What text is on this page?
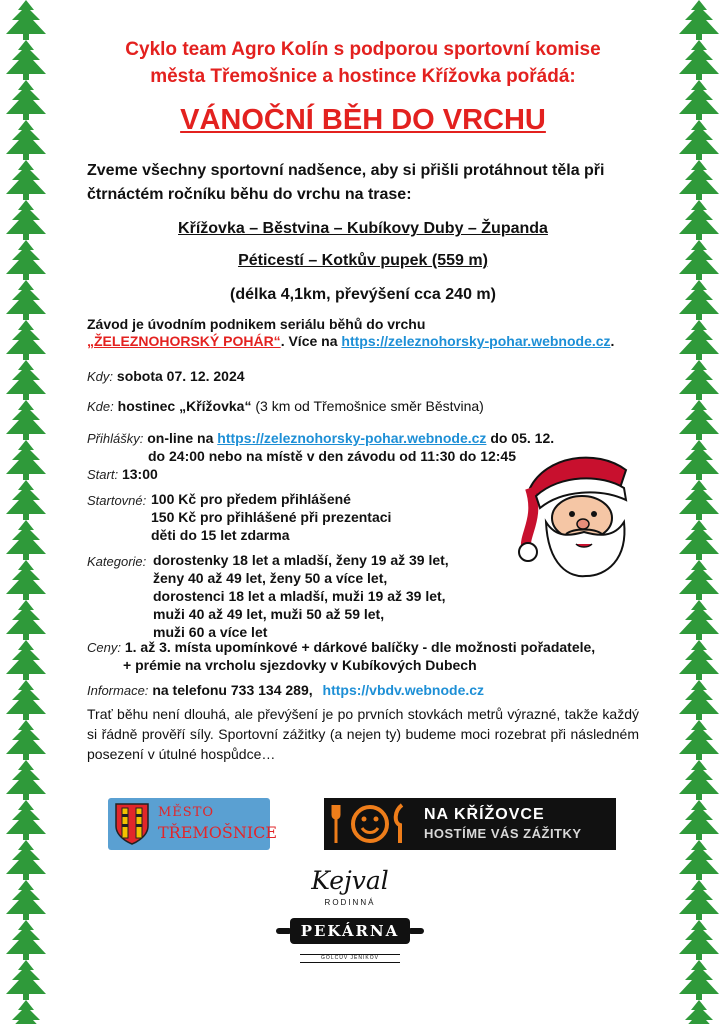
Cyklo team Agro Kolín s podporou sportovní komise
města Třemošnice a hostince Křížovka pořádá:
VÁNOČNÍ BĚH DO VRCHU
Zveme všechny sportovní nadšence, aby si přišli protáhnout těla při
čtrnáctém ročníku běhu do vrchu na trase:
Křížovka – Běstvina – Kubíkovy Duby – Županda
Péticestí – Kotkův pupek (559 m)
(délka 4,1km, převýšení cca 240 m)
Závod je úvodním podnikem seriálu běhů do vrchu
„ŽELEZNOHORSKÝ POHÁR“. Více na https://zeleznohorsky-pohar.webnode.cz.
Kdy: sobota 07. 12. 2024
Kde: hostinec „Křížovka“ (3 km od Třemošnice směr Běstvina)
Přihlášky: on-line na https://zeleznohorsky-pohar.webnode.cz do 05. 12.
do 24:00 nebo na místě v den závodu od 11:30 do 12:45
Start: 13:00
Startovné: 100 Kč pro předem přihlášené
150 Kč pro přihlášené při prezentaci
děti do 15 let zdarma
Kategorie: dorostenky 18 let a mladší, ženy 19 až 39 let,
ženy 40 až 49 let, ženy 50 a více let,
dorostenci 18 let a mladší, muži 19 až 39 let,
muži 40 až 49 let, muži 50 až 59 let,
muži 60 a více let
Ceny: 1. až 3. místa upomínkové + dárkové balíčky - dle možnosti pořadatele,
+ prémie na vrcholu sjezdovky v Kubíkových Dubech
Informace: na telefonu 733 134 289, https://vbdv.webnode.cz
Trať běhu není dlouhá, ale převýšení je po prvních stovkách metrů výrazné, takže každý si řádně prověří síly. Sportovní zážitky (a nejen ty) budeme moci rozebrat při následném posezení v útulné hospůdce…
MĚSTO
TŘEMOŠNICE
NA KŘÍŽOVCE
HOSTÍME VÁS ZÁŽITKY
Kejval
RODINNÁ
PEKÁRNA
GOLČŮV JENÍKOV
